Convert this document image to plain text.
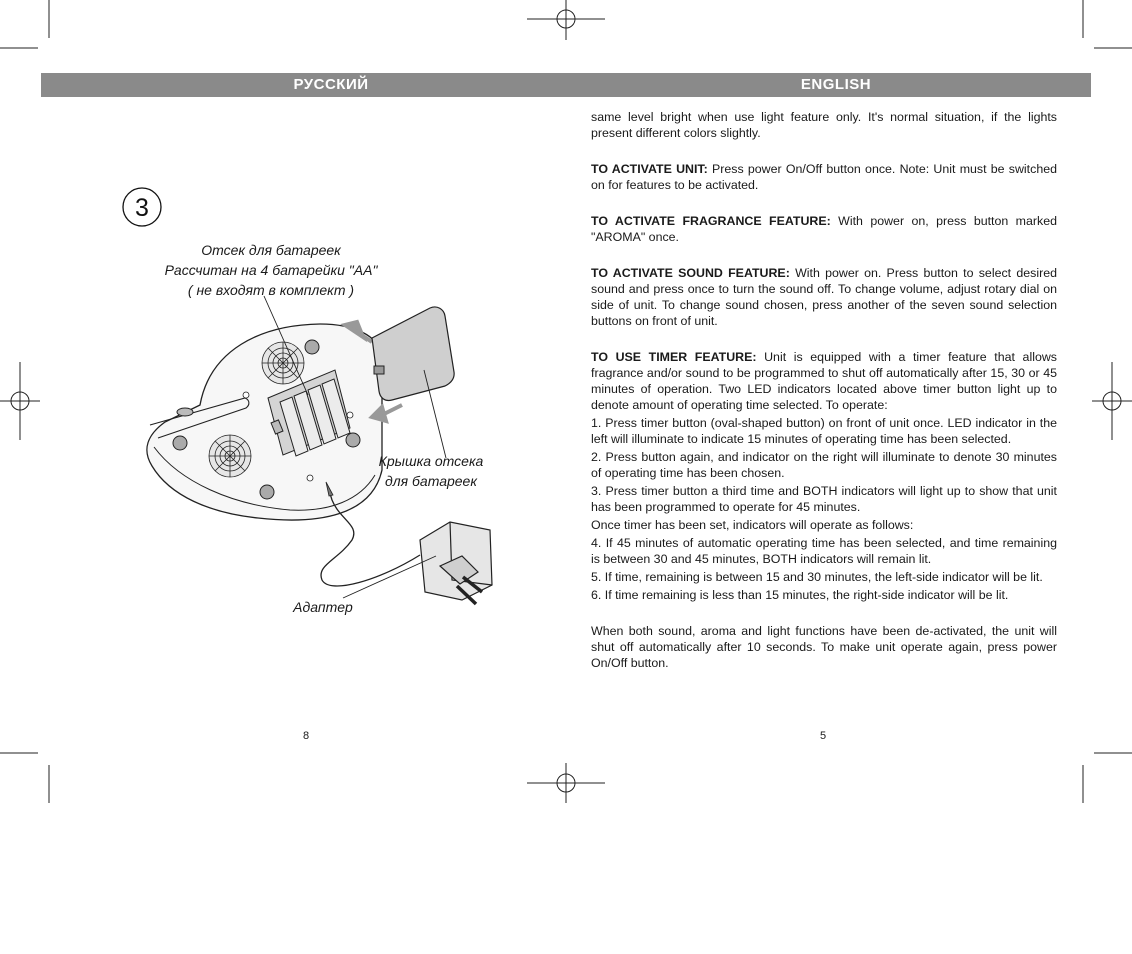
РУССКИЙ	ENGLISH
3
Отсек для батареек
Рассчитан на 4 батарейки "AA"
( не входят в комплект )
Крышка отсека
для батареек
Адаптер

same level bright when use light feature only. It's normal situation, if the lights present different colors slightly.

TO ACTIVATE UNIT: Press power On/Off button once. Note: Unit must be switched on for features to be activated.

TO ACTIVATE FRAGRANCE FEATURE: With power on, press button marked "AROMA" once.

TO ACTIVATE SOUND FEATURE: With power on. Press button to select desired sound and press once to turn the sound off. To change volume, adjust rotary dial on side of unit. To change sound chosen, press another of the seven sound selection buttons on front of unit.

TO USE TIMER FEATURE: Unit is equipped with a timer feature that allows fragrance and/or sound to be programmed to shut off automatically after 15, 30 or 45 minutes of operation. Two LED indicators located above timer button light up to denote amount of operating time selected. To operate:

1. Press timer button (oval-shaped button) on front of unit once. LED indicator in the left will illuminate to indicate 15 minutes of operating time has been selected.

2. Press button again, and indicator on the right will illuminate to denote 30 minutes of operating time has been chosen.

3. Press timer button a third time and BOTH indicators will light up to show that unit has been programmed to operate for 45 minutes.

Once timer has been set, indicators will operate as follows:

4. If 45 minutes of automatic operating time has been selected, and time remaining is between 30 and 45 minutes, BOTH indicators will remain lit.

5. If time, remaining is between 15 and 30 minutes, the left-side indicator will be lit.

6. If time remaining is less than 15 minutes, the right-side indicator will be lit.

When both sound, aroma and light functions have been de-activated, the unit will shut off automatically after 10 seconds. To make unit operate again, press power On/Off button.

8	5
